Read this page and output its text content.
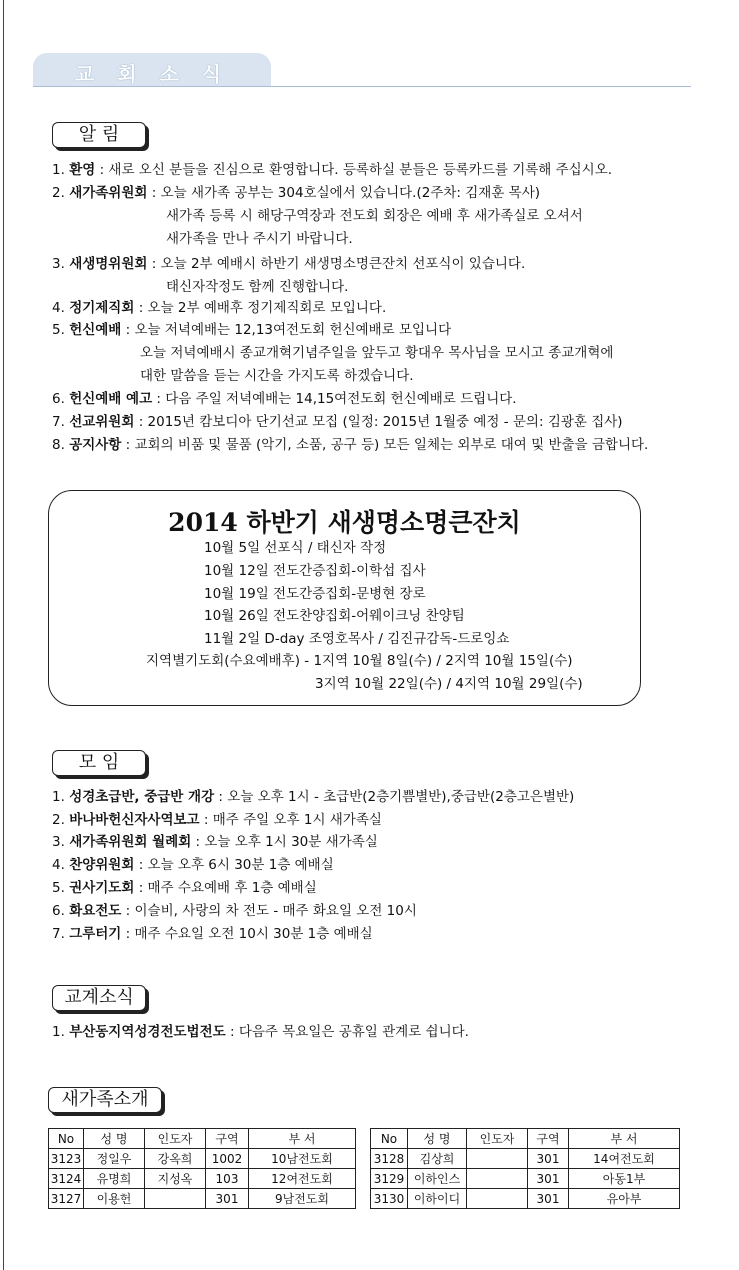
교 회 소 식
알 림
1. 환영 : 새로 오신 분들을 진심으로 환영합니다. 등록하실 분들은 등록카드를 기록해 주십시오.
2. 새가족위원회 : 오늘 새가족 공부는 304호실에서 있습니다.(2주차: 김재훈 목사)
새가족 등록 시 해당구역장과 전도회 회장은 예배 후 새가족실로 오셔서
새가족을 만나 주시기 바랍니다.
3. 새생명위원회 : 오늘 2부 예배시 하반기 새생명소명큰잔치 선포식이 있습니다.
태신자작정도 함께 진행합니다.
4. 정기제직회 : 오늘 2부 예배후 정기제직회로 모입니다.
5. 헌신예배 : 오늘 저녁예배는 12,13여전도회 헌신예배로 모입니다
오늘 저녁예배시 종교개혁기념주일을 앞두고 황대우 목사님을 모시고 종교개혁에
대한 말씀을 듣는 시간을 가지도록 하겠습니다.
6. 헌신예배 예고 : 다음 주일 저녁예배는 14,15여전도회 헌신예배로 드립니다.
7. 선교위원회 : 2015년 캄보디아 단기선교 모집 (일정: 2015년 1월중 예정 - 문의: 김광훈 집사)
8. 공지사항 : 교회의 비품 및 물품 (악기, 소품, 공구 등) 모든 일체는 외부로 대여 및 반출을 금합니다.
2014 하반기 새생명소명큰잔치
10월 5일 선포식 / 태신자 작정
10월 12일 전도간증집회-이학섭 집사
10월 19일 전도간증집회-문병현 장로
10월 26일 전도찬양집회-어웨이크닝 찬양팀
11월 2일 D-day 조영호목사 / 김진규감독-드로잉쇼
지역별기도회(수요예배후) - 1지역 10월 8일(수) / 2지역 10월 15일(수)
3지역 10월 22일(수) / 4지역 10월 29일(수)
모 임
1. 성경초급반, 중급반 개강 : 오늘 오후 1시 - 초급반(2층기쁨별반),중급반(2층고은별반)
2. 바나바헌신자사역보고 : 매주 주일 오후 1시 새가족실
3. 새가족위원회 월례회 : 오늘 오후 1시 30분 새가족실
4. 찬양위원회 : 오늘 오후 6시 30분 1층 예배실
5. 권사기도회 : 매주 수요예배 후 1층 예배실
6. 화요전도 : 이슬비, 사랑의 차 전도 - 매주 화요일 오전 10시
7. 그루터기 : 매주 수요일 오전 10시 30분 1층 예배실
교계소식
1. 부산동지역성경전도법전도 : 다음주 목요일은 공휴일 관계로 쉽니다.
새가족소개
No	성 명	인도자	구역	부 서
3123	정일우	강옥희	1002	10남전도회
3124	유명희	지성옥	103	12여전도회
3127	이용헌		301	9남전도회
No	성 명	인도자	구역	부 서
3128	김상희		301	14여전도회
3129	이하인스		301	아동1부
3130	이하이디		301	유아부
